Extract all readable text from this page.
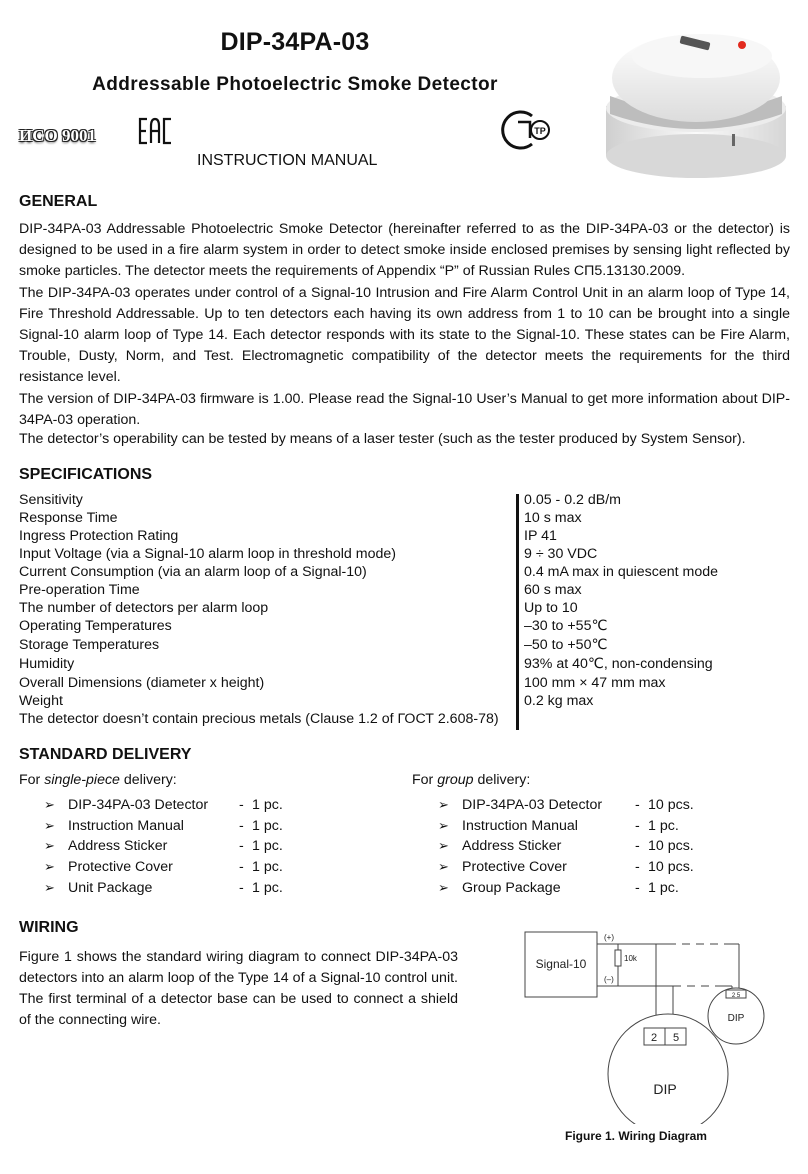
DIP-34PA-03
Addressable Photoelectric Smoke Detector
ИСО 9001	ТР
INSTRUCTION MANUAL
GENERAL

DIP-34PA-03 Addressable Photoelectric Smoke Detector (hereinafter referred to as the DIP-34PA-03 or the detector) is designed to be used in a fire alarm system in order to detect smoke inside enclosed premises by sensing light reflected by smoke particles. The detector meets the requirements of Appendix “P” of Russian Rules СП5.13130.2009.

The DIP-34PA-03 operates under control of a Signal-10 Intrusion and Fire Alarm Control Unit in an alarm loop of Type 14, Fire Threshold Addressable. Up to ten detectors each having its own address from 1 to 10 can be brought into a single Signal-10 alarm loop of Type 14. Each detector responds with its state to the Signal-10. These states can be Fire Alarm, Trouble, Dusty, Norm, and Test. Electromagnetic compatibility of the detector meets the requirements for the third resistance level.

The version of DIP-34PA-03 firmware is 1.00. Please read the Signal-10 User’s Manual to get more information about DIP-34PA-03 operation.

The detector’s operability can be tested by means of a laser tester (such as the tester produced by System Sensor).
SPECIFICATIONS
Sensitivity	0.05 - 0.2 dB/m
Response Time	10 s max
Ingress Protection Rating	IP 41
Input Voltage (via a Signal-10 alarm loop in threshold mode)	9 ÷ 30 VDC
Current Consumption (via an alarm loop of a Signal-10)	0.4 mA max in quiescent mode
Pre-operation Time	60 s max
The number of detectors per alarm loop	Up to 10
Operating Temperatures	–30 to +55℃
Storage Temperatures	–50 to +50℃
Humidity	93% at 40℃, non-condensing
Overall Dimensions (diameter x height)	100 mm × 47 mm max
Weight	0.2 kg max
The detector doesn’t contain precious metals (Clause 1.2 of ГОСТ 2.608-78)
STANDARD DELIVERY
For single-piece delivery:	For group delivery:
➢ DIP-34PA-03 Detector - 1 pc.
➢ Instruction Manual	- 1 pc.
➢ Address Sticker	- 1 pc.
➢ Protective Cover	- 1 pc.
➢ Unit Package	- 1 pc.
➢ DIP-34PA-03 Detector - 10 pcs.
➢ Instruction Manual	- 1 pc.
➢ Address Sticker	- 10 pcs.
➢ Protective Cover	- 10 pcs.
➢ Group Package	- 1 pc.
WIRING

Figure 1 shows the standard wiring diagram to connect DIP-34PA-03 detectors into an alarm loop of the Type 14 of a Signal-10 control unit. The first terminal of a detector base can be used to connect a shield of the connecting wire.

Signal-10
(+)
(–)
10k
2 5
DIP
2 5
DIP
Figure 1. Wiring Diagram
